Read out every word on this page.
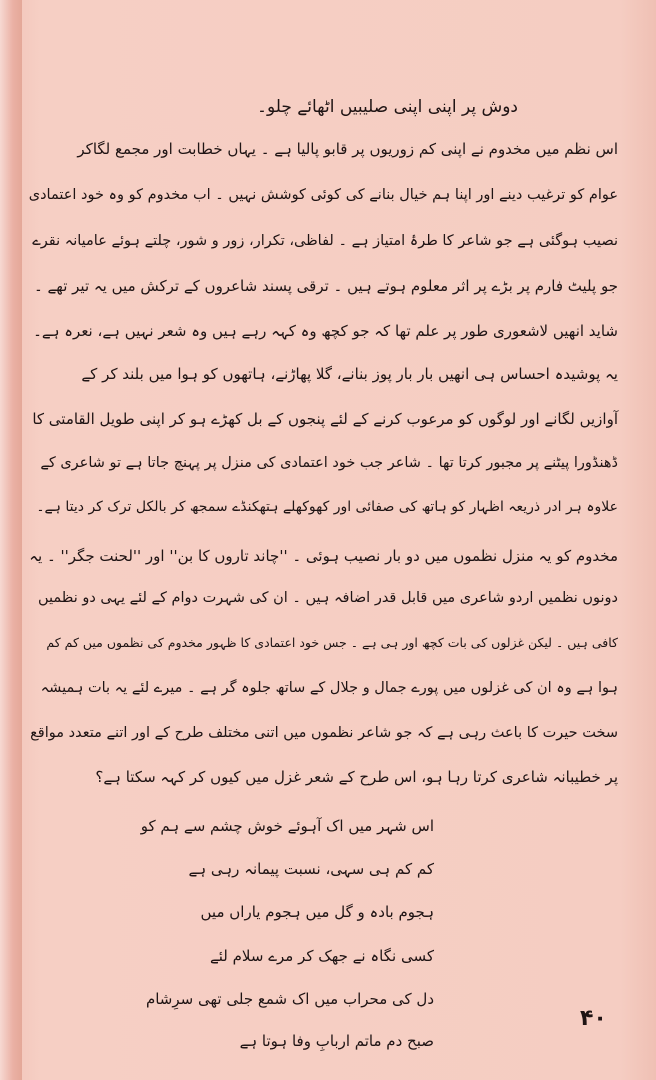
دوش پر اپنی اپنی صلیبیں اٹھائے چلو۔
اس نظم میں مخدوم نے اپنی کم زوریوں پر قابو پالیا ہے ۔ یہاں خطابت اور مجمع لگاکر
عوام کو ترغیب دینے اور اپنا ہم خیال بنانے کی کوئی کوشش نہیں ۔ اب مخدوم کو وہ خود اعتمادی
نصیب ہوگئی ہے جو شاعر کا طرۂ امتیاز ہے ۔ لفاظی، تکرار، زور و شور، چلتے ہوئے عامیانہ نقرے
جو پلیٹ فارم پر بڑے پر اثر معلوم ہوتے ہیں ۔ ترقی پسند شاعروں کے ترکش میں یہ تیر تھے ۔
شاید انھیں لاشعوری طور پر علم تھا کہ جو کچھ وہ کہہ رہے ہیں وہ شعر نہیں ہے، نعرہ ہے۔
یہ پوشیدہ احساس ہی انھیں بار بار پوز بنانے، گلا پھاڑنے، ہاتھوں کو ہوا میں بلند کر کے
آوازیں لگانے اور لوگوں کو مرعوب کرنے کے لئے پنجوں کے بل کھڑے ہو کر اپنی طویل القامتی کا
ڈھنڈورا پیٹنے پر مجبور کرتا تھا ۔ شاعر جب خود اعتمادی کی منزل پر پہنچ جاتا ہے تو شاعری کے
علاوہ ہر ادر ذریعہ اظہار کو ہاتھ کی صفائی اور کھوکھلے ہتھکنڈے سمجھ کر بالکل ترک کر دیتا ہے۔
مخدوم کو یہ منزل نظموں میں دو بار نصیب ہوئی ۔ ''چاند تاروں کا بن'' اور ''لحنت جگر'' ۔ یہ
دونوں نظمیں اردو شاعری میں قابل قدر اضافہ ہیں ۔ ان کی شہرت دوام کے لئے یہی دو نظمیں
کافی ہیں ۔ لیکن غزلوں کی بات کچھ اور ہی ہے ۔ جس خود اعتمادی کا ظہور مخدوم کی نظموں میں کم کم
ہوا ہے وہ ان کی غزلوں میں پورے جمال و جلال کے ساتھ جلوہ گر ہے ۔ میرے لئے یہ بات ہمیشہ
سخت حیرت کا باعث رہی ہے کہ جو شاعر نظموں میں اتنی مختلف طرح کے اور اتنے متعدد مواقع
پر خطیبانہ شاعری کرتا رہا ہو، اس طرح کے شعر غزل میں کیوں کر کہہ سکتا ہے؟
اس شہر میں اک آہوئے خوش چشم سے ہم کو
کم کم ہی سہی، نسبت پیمانہ رہی ہے
ہجوم بادہ و گل میں ہجوم یاراں میں
کسی نگاہ نے جھک کر مرے سلام لئے
دل کی محراب میں اک شمع جلی تھی سرِشام
صبح دم ماتم اربابِ وفا ہوتا ہے
۴۰
